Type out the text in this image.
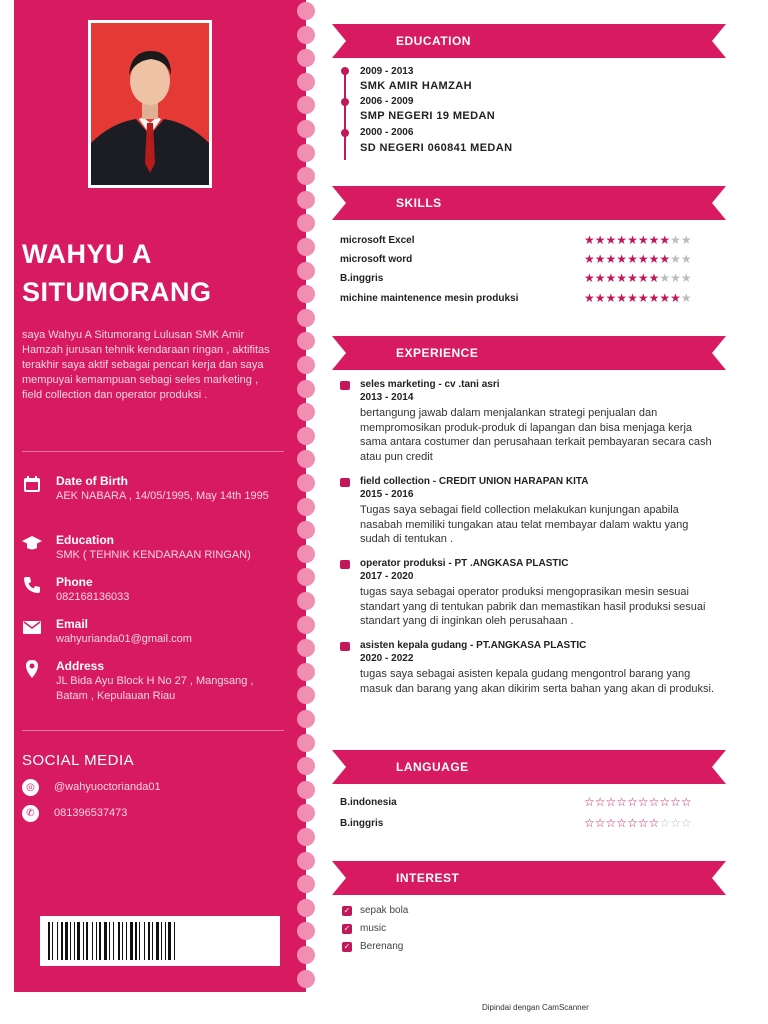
WAHYU A
SITUMORANG
saya Wahyu A Situmorang Lulusan SMK Amir Hamzah jurusan tehnik kendaraan ringan , aktifitas terakhir saya aktif sebagai pencari kerja dan saya mempuyai kemampuan sebagi seles marketing , field collection dan operator produksi .
Date of Birth
AEK NABARA , 14/05/1995, May 14th 1995
Education
SMK ( TEHNIK KENDARAAN RINGAN)
Phone
082168136033
Email
wahyurianda01@gmail.com
Address
JL Bida Ayu Block H No 27 , Mangsang , Batam , Kepulauan Riau
SOCIAL MEDIA
◎	@wahyuoctorianda01
✆	081396537473
EDUCATION
2009 - 2013
SMK AMIR HAMZAH
2006 - 2009
SMP NEGERI 19 MEDAN
2000 - 2006
SD NEGERI 060841 MEDAN
SKILLS
microsoft Excel	★★★★★★★★★★
microsoft word	★★★★★★★★★★
B.inggris	★★★★★★★★★★
michine maintenence mesin produksi	★★★★★★★★★★
EXPERIENCE
seles marketing - cv .tani asri
2013 - 2014
bertangung jawab dalam menjalankan strategi penjualan dan mempromosikan produk-produk di lapangan dan bisa menjaga kerja sama antara costumer dan perusahaan terkait pembayaran secara cash atau pun credit
field collection - CREDIT UNION HARAPAN KITA
2015 - 2016
Tugas saya sebagai field collection melakukan kunjungan apabila nasabah memiliki tungakan atau telat membayar dalam waktu yang sudah di tentukan .
operator produksi - PT .ANGKASA PLASTIC
2017 - 2020
tugas saya sebagai operator produksi mengoprasikan mesin sesuai standart yang di tentukan pabrik dan memastikan hasil produksi sesuai standart yang di inginkan oleh perusahaan .
asisten kepala gudang - PT.ANGKASA PLASTIC
2020 - 2022
tugas saya sebagai asisten kepala gudang mengontrol barang yang masuk dan barang yang akan dikirim serta bahan yang akan di produksi.
LANGUAGE
B.indonesia	☆☆☆☆☆☆☆☆☆☆
B.inggris	☆☆☆☆☆☆☆☆☆☆
INTEREST
✓ sepak bola
✓ music
✓ Berenang
Dipindai dengan CamScanner
